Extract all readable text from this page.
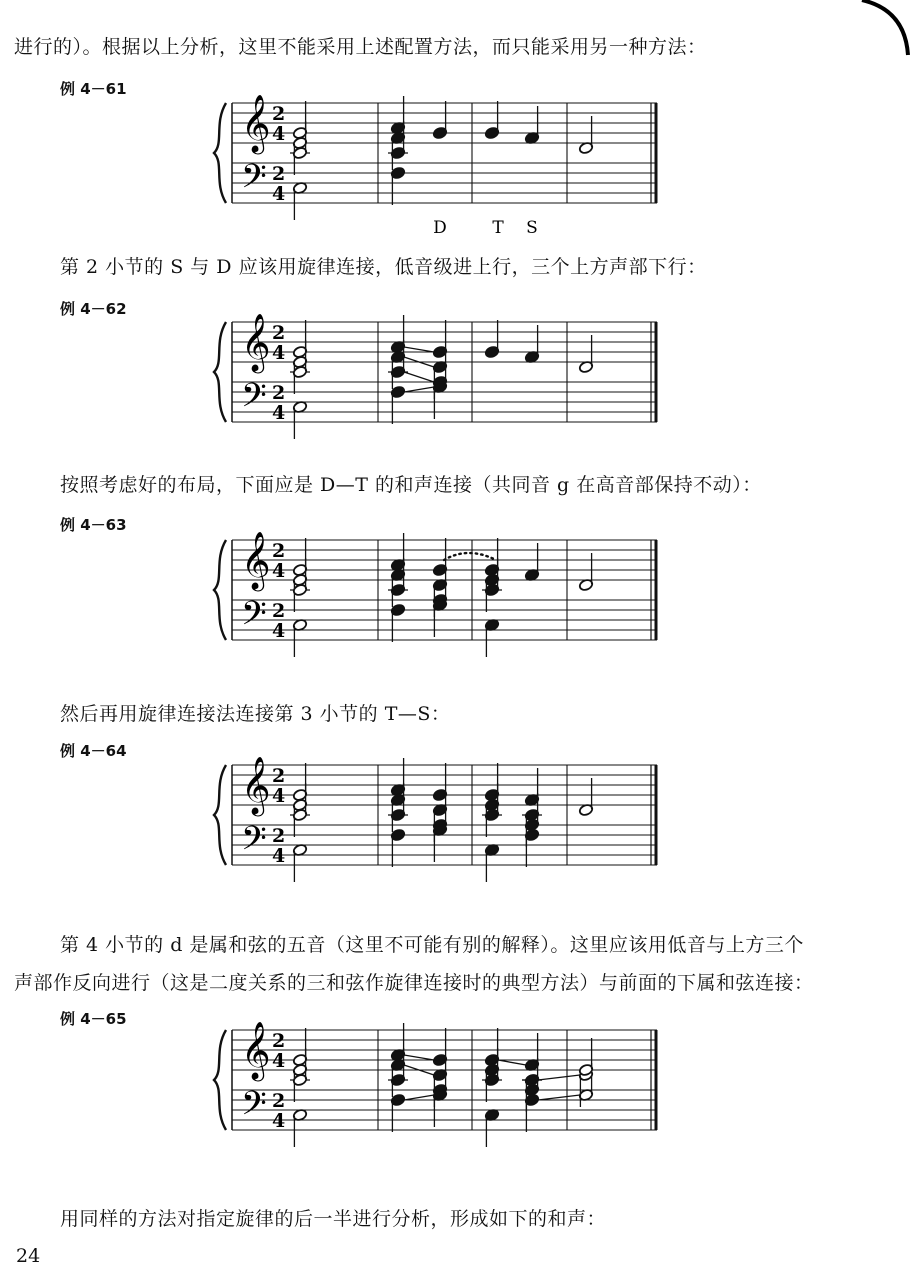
进行的）。根据以上分析，这里不能采用上述配置方法，而只能采用另一种方法：
例 4－61
𝄞
𝄢
2
4
2
4
D	T S
第 2 小节的 S 与 D 应该用旋律连接，低音级进上行，三个上方声部下行：
例 4－62
𝄞
𝄢
2
4
2
4
按照考虑好的布局，下面应是 D—T 的和声连接（共同音 g 在高音部保持不动）：
例 4－63
𝄞
𝄢
2
4
2
4
然后再用旋律连接法连接第 3 小节的 T—S：
例 4－64
𝄞
𝄢
2
4
2
4
第 4 小节的 d 是属和弦的五音（这里不可能有别的解释）。这里应该用低音与上方三个
声部作反向进行（这是二度关系的三和弦作旋律连接时的典型方法）与前面的下属和弦连接：
例 4－65
𝄞
𝄢
2
4
2
4
用同样的方法对指定旋律的后一半进行分析，形成如下的和声：
24
